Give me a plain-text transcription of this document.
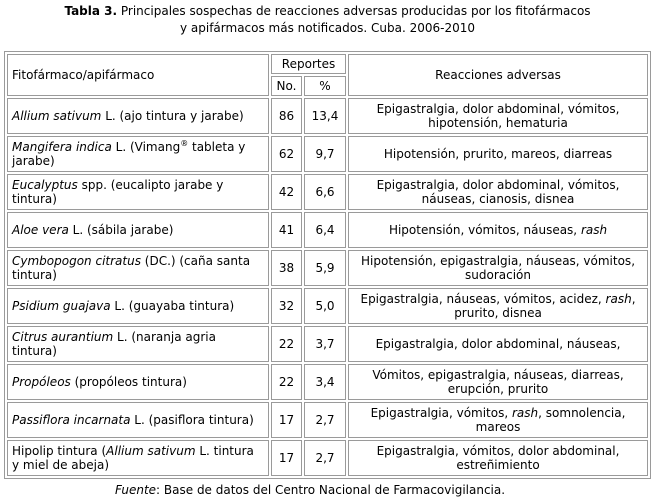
Tabla 3. Principales sospechas de reacciones adversas producidas por los fitofármacos
y apifármacos más notificados. Cuba. 2006-2010
Fitofármaco/apifármaco	Reportes		Reacciones adversas
	No.	%	
Allium sativum L. (ajo tintura y jarabe)	86	13,4	Epigastralgia, dolor abdominal, vómitos, hipotensión, hematuria
Mangifera indica L. (Vimang® tableta y jarabe)	62	9,7	Hipotensión, prurito, mareos, diarreas
Eucalyptus spp. (eucalipto jarabe y tintura)	42	6,6	Epigastralgia, dolor abdominal, vómitos, náuseas, cianosis, disnea
Aloe vera L. (sábila jarabe)	41	6,4	Hipotensión, vómitos, náuseas, rash
Cymbopogon citratus (DC.) (caña santa tintura)	38	5,9	Hipotensión, epigastralgia, náuseas, vómitos, sudoración
Psidium guajava L. (guayaba tintura)	32	5,0	Epigastralgia, náuseas, vómitos, acidez, rash, prurito, disnea
Citrus aurantium L. (naranja agria tintura)	22	3,7	Epigastralgia, dolor abdominal, náuseas,
Propóleos (propóleos tintura)	22	3,4	Vómitos, epigastralgia, náuseas, diarreas, erupción, prurito
Passiflora incarnata L. (pasiflora tintura)	17	2,7	Epigastralgia, vómitos, rash, somnolencia, mareos
Hipolip tintura (Allium sativum L. tintura y miel de abeja)	17	2,7	Epigastralgia, vómitos, dolor abdominal, estreñimiento
Fuente: Base de datos del Centro Nacional de Farmacovigilancia.
